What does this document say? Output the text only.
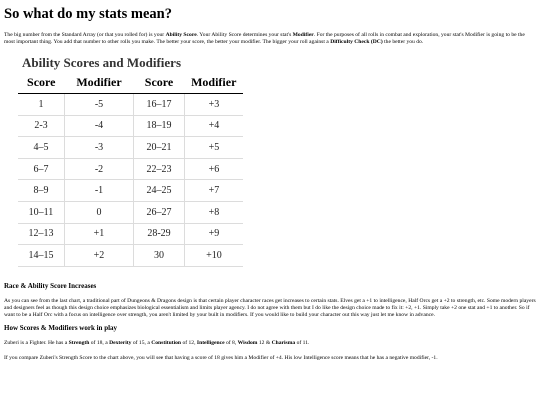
So what do my stats mean?

The big number from the Standard Array (or that you rolled for) is your Ability Score. Your Ability Score determines your stat's Modifier. For the purposes of all rolls in combat and exploration, your stat's Modifier is going to be the most important thing. You add that number to other rolls you make. The better your score, the better your modifier. The bigger your roll against a Difficulty Check (DC) the better you do.

Ability Scores and Modifiers
Score	Modifier	Score	Modifier
1	-5	16–17	+3
2-3	-4	18–19	+4
4–5	-3	20–21	+5
6–7	-2	22–23	+6
8–9	-1	24–25	+7
10–11	0	26–27	+8
12–13	+1	28-29	+9
14–15	+2	30	+10
Race & Ability Score Increases

As you can see from the last chart, a traditional part of Dungeons & Dragons design is that certain player character races get increases to certain stats. Elves get a +1 to intelligence, Half Orcs get a +2 to strength, etc. Some modern players and designers feel as though this design choice emphasizes biological essentialism and limits player agency. I do not agree with them but I do like the design choice made to fix it: +2, +1. Simply take +2 one stat and +1 to another. So if want to be a Half Orc with a focus on intelligence over strength, you aren't limited by your built in modifiers. If you would like to build your character out this way just let me know in advance.

How Scores & Modifiers work in play

Zuberi is a Fighter. He has a Strength of 18, a Dexterity of 15, a Constitution of 12, Intelligence of 8, Wisdom 12 & Charisma of 11.

If you compare Zuberi's Strength Score to the chart above, you will see that having a score of 18 gives him a Modifier of +4. His low Intelligence score means that he has a negative modifier, -1.
